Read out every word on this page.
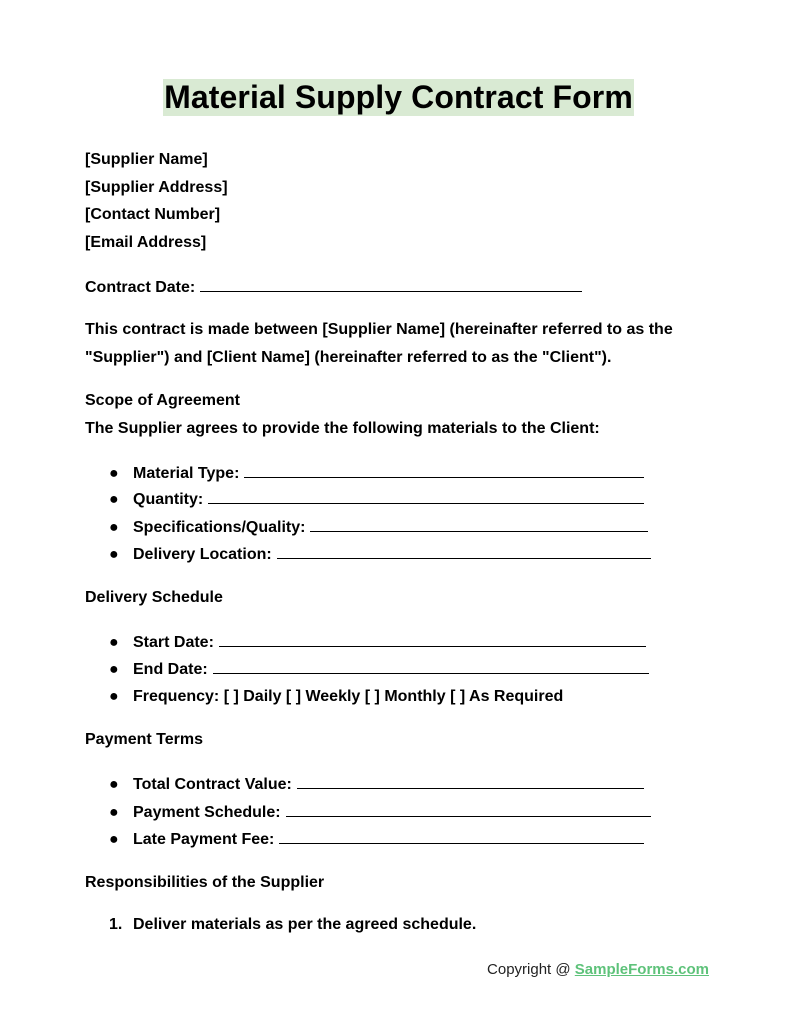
Material Supply Contract Form
[Supplier Name]
[Supplier Address]
[Contact Number]
[Email Address]
Contract Date:
This contract is made between [Supplier Name] (hereinafter referred to as the
"Supplier") and [Client Name] (hereinafter referred to as the "Client").
Scope of Agreement
The Supplier agrees to provide the following materials to the Client:
● Material Type:
● Quantity:
● Specifications/Quality:
● Delivery Location:
Delivery Schedule
● Start Date:
● End Date:
● Frequency: [ ] Daily [ ] Weekly [ ] Monthly [ ] As Required
Payment Terms
● Total Contract Value:
● Payment Schedule:
● Late Payment Fee:
Responsibilities of the Supplier
1. Deliver materials as per the agreed schedule.
Copyright @ SampleForms.com
